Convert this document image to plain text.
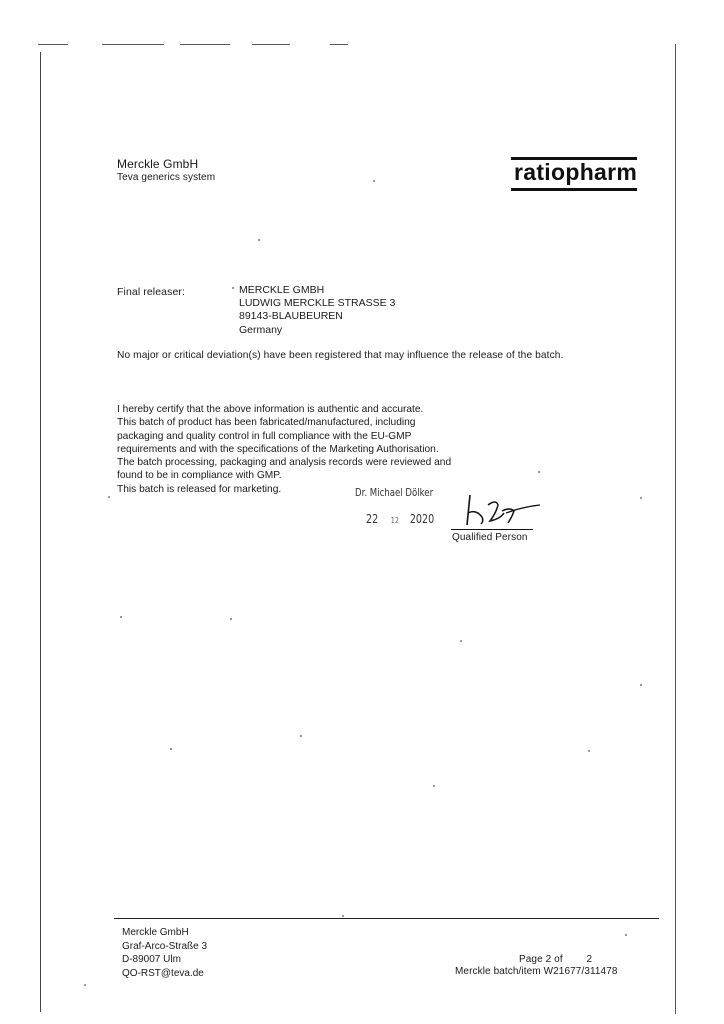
Merckle GmbH
Teva generics system	ratiopharm
Final releaser:	MERCKLE GMBH
LUDWIG MERCKLE STRASSE 3
89143-BLAUBEUREN
Germany
No major or critical deviation(s) have been registered that may influence the release of the batch.
I hereby certify that the above information is authentic and accurate.
This batch of product has been fabricated/manufactured, including
packaging and quality control in full compliance with the EU-GMP
requirements and with the specifications of the Marketing Authorisation.
The batch processing, packaging and analysis records were reviewed and
found to be in compliance with GMP.
This batch is released for marketing.	Dr. Michael Dölker
22 12 2020
Qualified Person
Merckle GmbH
Graf-Arco-Straße 3
D-89007 Ulm
QO-RST@teva.de
Page 2 of 2
Merckle batch/item W21677/311478
